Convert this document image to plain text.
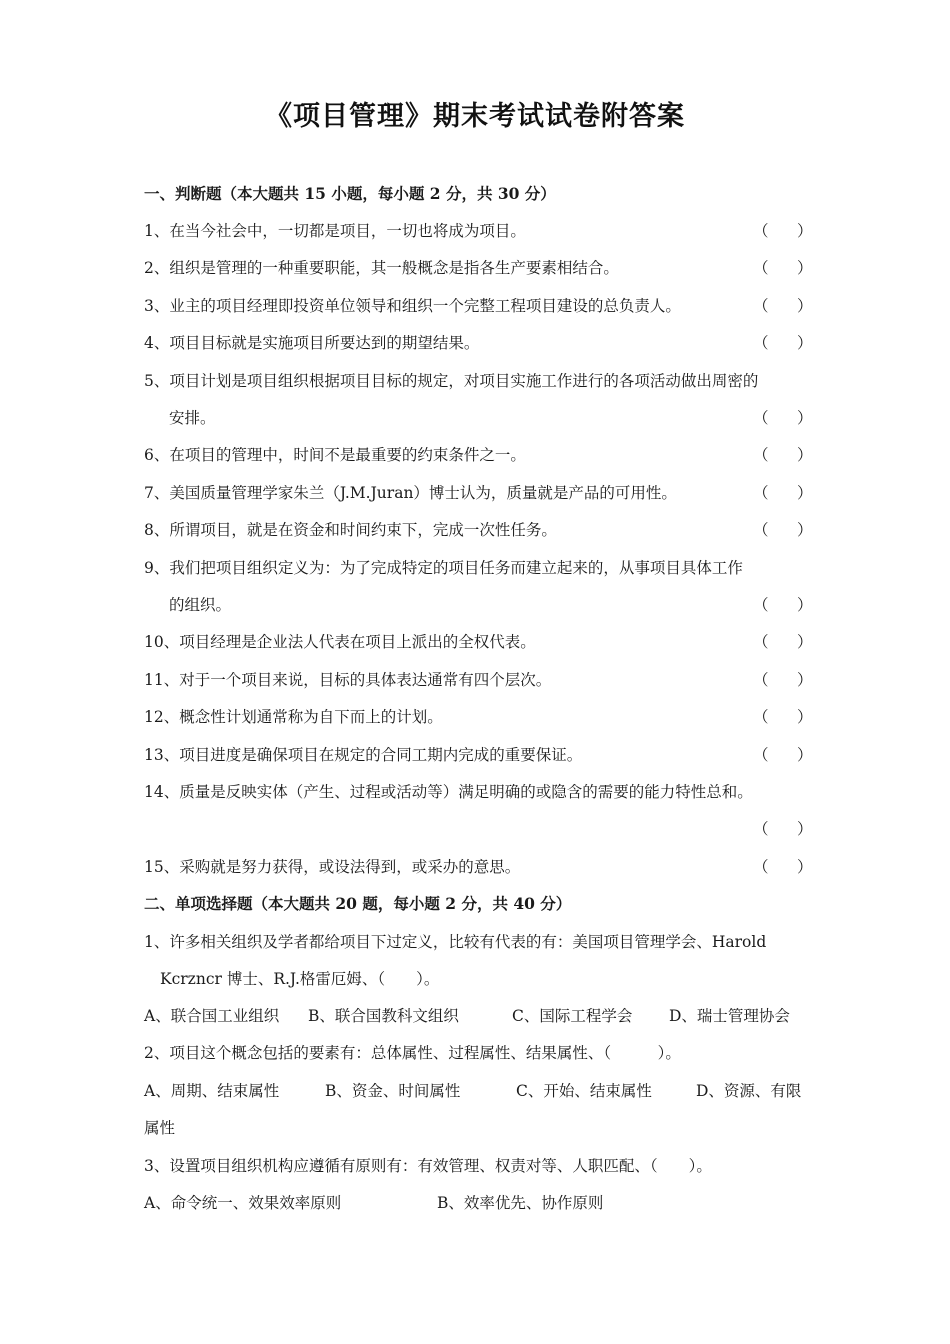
《项目管理》期末考试试卷附答案
一、判断题（本大题共 15 小题，每小题 2 分，共 30 分）
1、在当今社会中，一切都是项目，一切也将成为项目。	（ ）
2、组织是管理的一种重要职能，其一般概念是指各生产要素相结合。	（ ）
3、业主的项目经理即投资单位领导和组织一个完整工程项目建设的总负责人。	（ ）
4、项目目标就是实施项目所要达到的期望结果。	（ ）
5、项目计划是项目组织根据项目目标的规定，对项目实施工作进行的各项活动做出周密的
安排。	（ ）
6、在项目的管理中，时间不是最重要的约束条件之一。	（ ）
7、美国质量管理学家朱兰（J.M.Juran）博士认为，质量就是产品的可用性。	（ ）
8、所谓项目，就是在资金和时间约束下，完成一次性任务。	（ ）
9、我们把项目组织定义为：为了完成特定的项目任务而建立起来的，从事项目具体工作
的组织。	（ ）
10、项目经理是企业法人代表在项目上派出的全权代表。	（ ）
11、对于一个项目来说，目标的具体表达通常有四个层次。	（ ）
12、概念性计划通常称为自下而上的计划。	（ ）
13、项目进度是确保项目在规定的合同工期内完成的重要保证。	（ ）
14、质量是反映实体（产生、过程或活动等）满足明确的或隐含的需要的能力特性总和。
（ ）
15、采购就是努力获得，或设法得到，或采办的意思。	（ ）
二、单项选择题（本大题共 20 题，每小题 2 分，共 40 分）
1、许多相关组织及学者都给项目下过定义，比较有代表的有：美国项目管理学会、Harold
Kcrzncr 博士、R.J.格雷厄姆、（　　）。
A、联合国工业组织 B、联合国教科文组织	C、国际工程学会 D、瑞士管理协会
2、项目这个概念包括的要素有：总体属性、过程属性、结果属性、（　　　）。
A、周期、结束属性	B、资金、时间属性	C、开始、结束属性	D、资源、有限
属性
3、设置项目组织机构应遵循有原则有：有效管理、权责对等、人职匹配、（　　）。
A、命令统一、效果效率原则	B、效率优先、协作原则
